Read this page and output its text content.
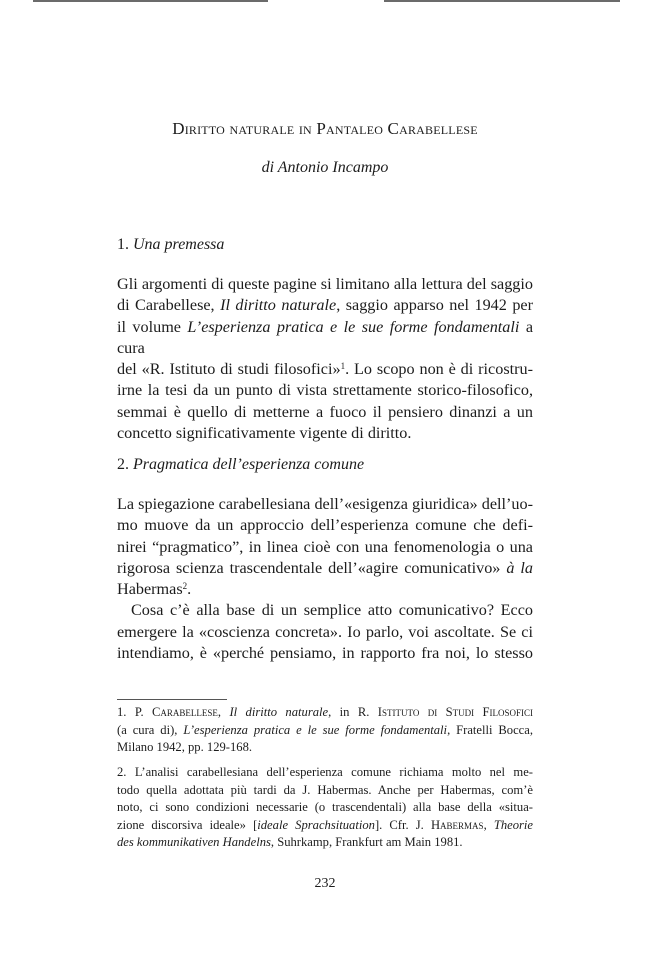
Diritto naturale in Pantaleo Carabellese
di Antonio Incampo
1. Una premessa
Gli argomenti di queste pagine si limitano alla lettura del saggio
di Carabellese, Il diritto naturale, saggio apparso nel 1942 per
il volume L’esperienza pratica e le sue forme fondamentali a cura
del «R. Istituto di studi filosofici»$^1$. Lo scopo non è di ricostru-
irne la tesi da un punto di vista strettamente storico-filosofico,
semmai è quello di metterne a fuoco il pensiero dinanzi a un
concetto significativamente vigente di diritto.
2. Pragmatica dell’esperienza comune
La spiegazione carabellesiana dell’«esigenza giuridica» dell’uo-
mo muove da un approccio dell’esperienza comune che defi-
nirei “pragmatico”, in linea cioè con una fenomenologia o una
rigorosa scienza trascendentale dell’«agire comunicativo» à la
Habermas$^2$.
Cosa c’è alla base di un semplice atto comunicativo? Ecco
emergere la «coscienza concreta». Io parlo, voi ascoltate. Se ci
intendiamo, è «perché pensiamo, in rapporto fra noi, lo stesso
1. P. Carabellese, Il diritto naturale, in R. Istituto di Studi Filosofici
(a cura di), L’esperienza pratica e le sue forme fondamentali, Fratelli Bocca,
Milano 1942, pp. 129-168.
2. L’analisi carabellesiana dell’esperienza comune richiama molto nel me-
todo quella adottata più tardi da J. Habermas. Anche per Habermas, com’è
noto, ci sono condizioni necessarie (o trascendentali) alla base della «situa-
zione discorsiva ideale» [ideale Sprachsituation]. Cfr. J. Habermas, Theorie
des kommunikativen Handelns, Suhrkamp, Frankfurt am Main 1981.
232
